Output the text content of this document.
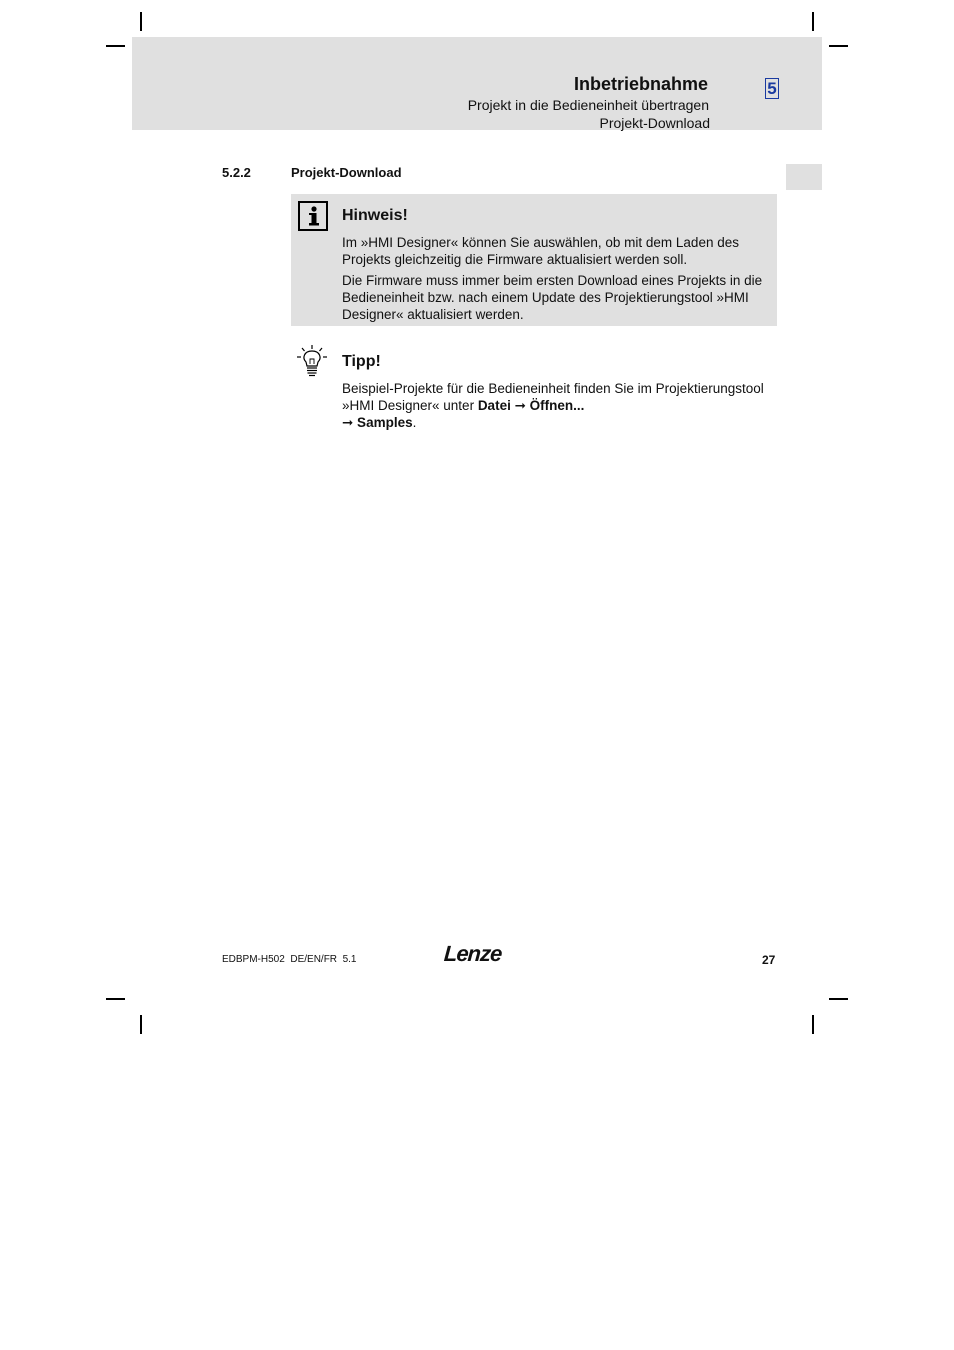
Inbetriebnahme
Projekt in die Bedieneinheit übertragen
Projekt-Download
5
5.2.2	Projekt-Download
Hinweis!
Im »HMI Designer« können Sie auswählen, ob mit dem Laden des Projekts gleichzeitig die Firmware aktualisiert werden soll.
Die Firmware muss immer beim ersten Download eines Projekts in die Bedieneinheit bzw. nach einem Update des Projektierungstool »HMI Designer« aktualisiert werden.
Tipp!
Beispiel-Projekte für die Bedieneinheit finden Sie im Projektierungstool »HMI Designer« unter Datei ➞ Öffnen...
➞ Samples.
EDBPM-H502  DE/EN/FR  5.1	Lenze	27
